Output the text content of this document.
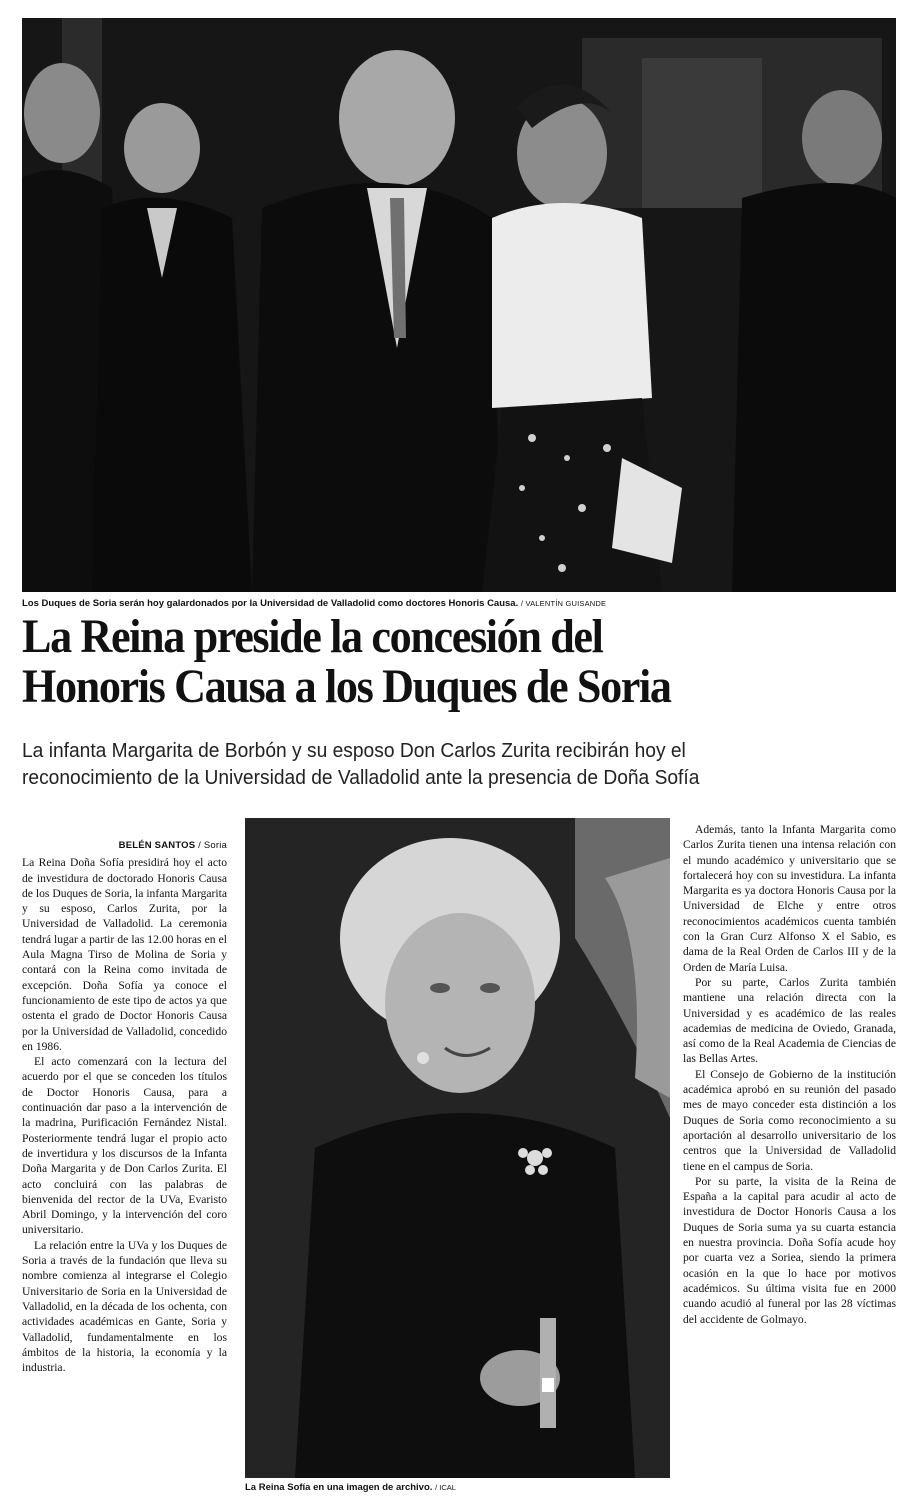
Los Duques de Soria serán hoy galardonados por la Universidad de Valladolid como doctores Honoris Causa. / VALENTÍN GUISANDE
La Reina preside la concesión del
Honoris Causa a los Duques de Soria
La infanta Margarita de Borbón y su esposo Don Carlos Zurita recibirán hoy el
reconocimiento de la Universidad de Valladolid ante la presencia de Doña Sofía
BELÉN SANTOS / Soria

La Reina Doña Sofía presidirá hoy el acto de investidura de doctorado Honoris Causa de los Duques de Soria, la infanta Margarita y su esposo, Carlos Zurita, por la Universidad de Valladolid. La ceremonia tendrá lugar a partir de las 12.00 horas en el Aula Magna Tirso de Molina de Soria y contará con la Reina como invitada de excepción. Doña Sofía ya conoce el funcionamiento de este tipo de actos ya que ostenta el grado de Doctor Honoris Causa por la Universidad de Valladolid, concedido en 1986.

El acto comenzará con la lectura del acuerdo por el que se conceden los títulos de Doctor Honoris Causa, para a continuación dar paso a la intervención de la madrina, Purificación Fernández Nistal. Posteriormente tendrá lugar el propio acto de invertidura y los discursos de la Infanta Doña Margarita y de Don Carlos Zurita. El acto concluirá con las palabras de bienvenida del rector de la UVa, Evaristo Abril Domingo, y la intervención del coro universitario.

La relación entre la UVa y los Duques de Soria a través de la fundación que lleva su nombre comienza al integrarse el Colegio Universitario de Soria en la Universidad de Valladolid, en la década de los ochenta, con actividades académicas en Gante, Soria y Valladolid, fundamentalmente en los ámbitos de la historia, la economía y la industria.

La Reina Sofía en una imagen de archivo. / ICAL

Además, tanto la Infanta Margarita como Carlos Zurita tienen una intensa relación con el mundo académico y universitario que se fortalecerá hoy con su investidura. La infanta Margarita es ya doctora Honoris Causa por la Universidad de Elche y entre otros reconocimientos académicos cuenta también con la Gran Curz Alfonso X el Sabio, es dama de la Real Orden de Carlos III y de la Orden de María Luisa.

Por su parte, Carlos Zurita también mantiene una relación directa con la Universidad y es académico de las reales academias de medicina de Oviedo, Granada, así como de la Real Academia de Ciencias de las Bellas Artes.

El Consejo de Gobierno de la institución académica aprobó en su reunión del pasado mes de mayo conceder esta distinción a los Duques de Soria como reconocimiento a su aportación al desarrollo universitario de los centros que la Universidad de Valladolid tiene en el campus de Soria.

Por su parte, la visita de la Reina de España a la capital para acudir al acto de investidura de Doctor Honoris Causa a los Duques de Soria suma ya su cuarta estancia en nuestra provincia. Doña Sofía acude hoy por cuarta vez a Soriea, siendo la primera ocasión en la que lo hace por motivos académicos. Su última visita fue en 2000 cuando acudió al funeral por las 28 víctimas del accidente de Golmayo.
